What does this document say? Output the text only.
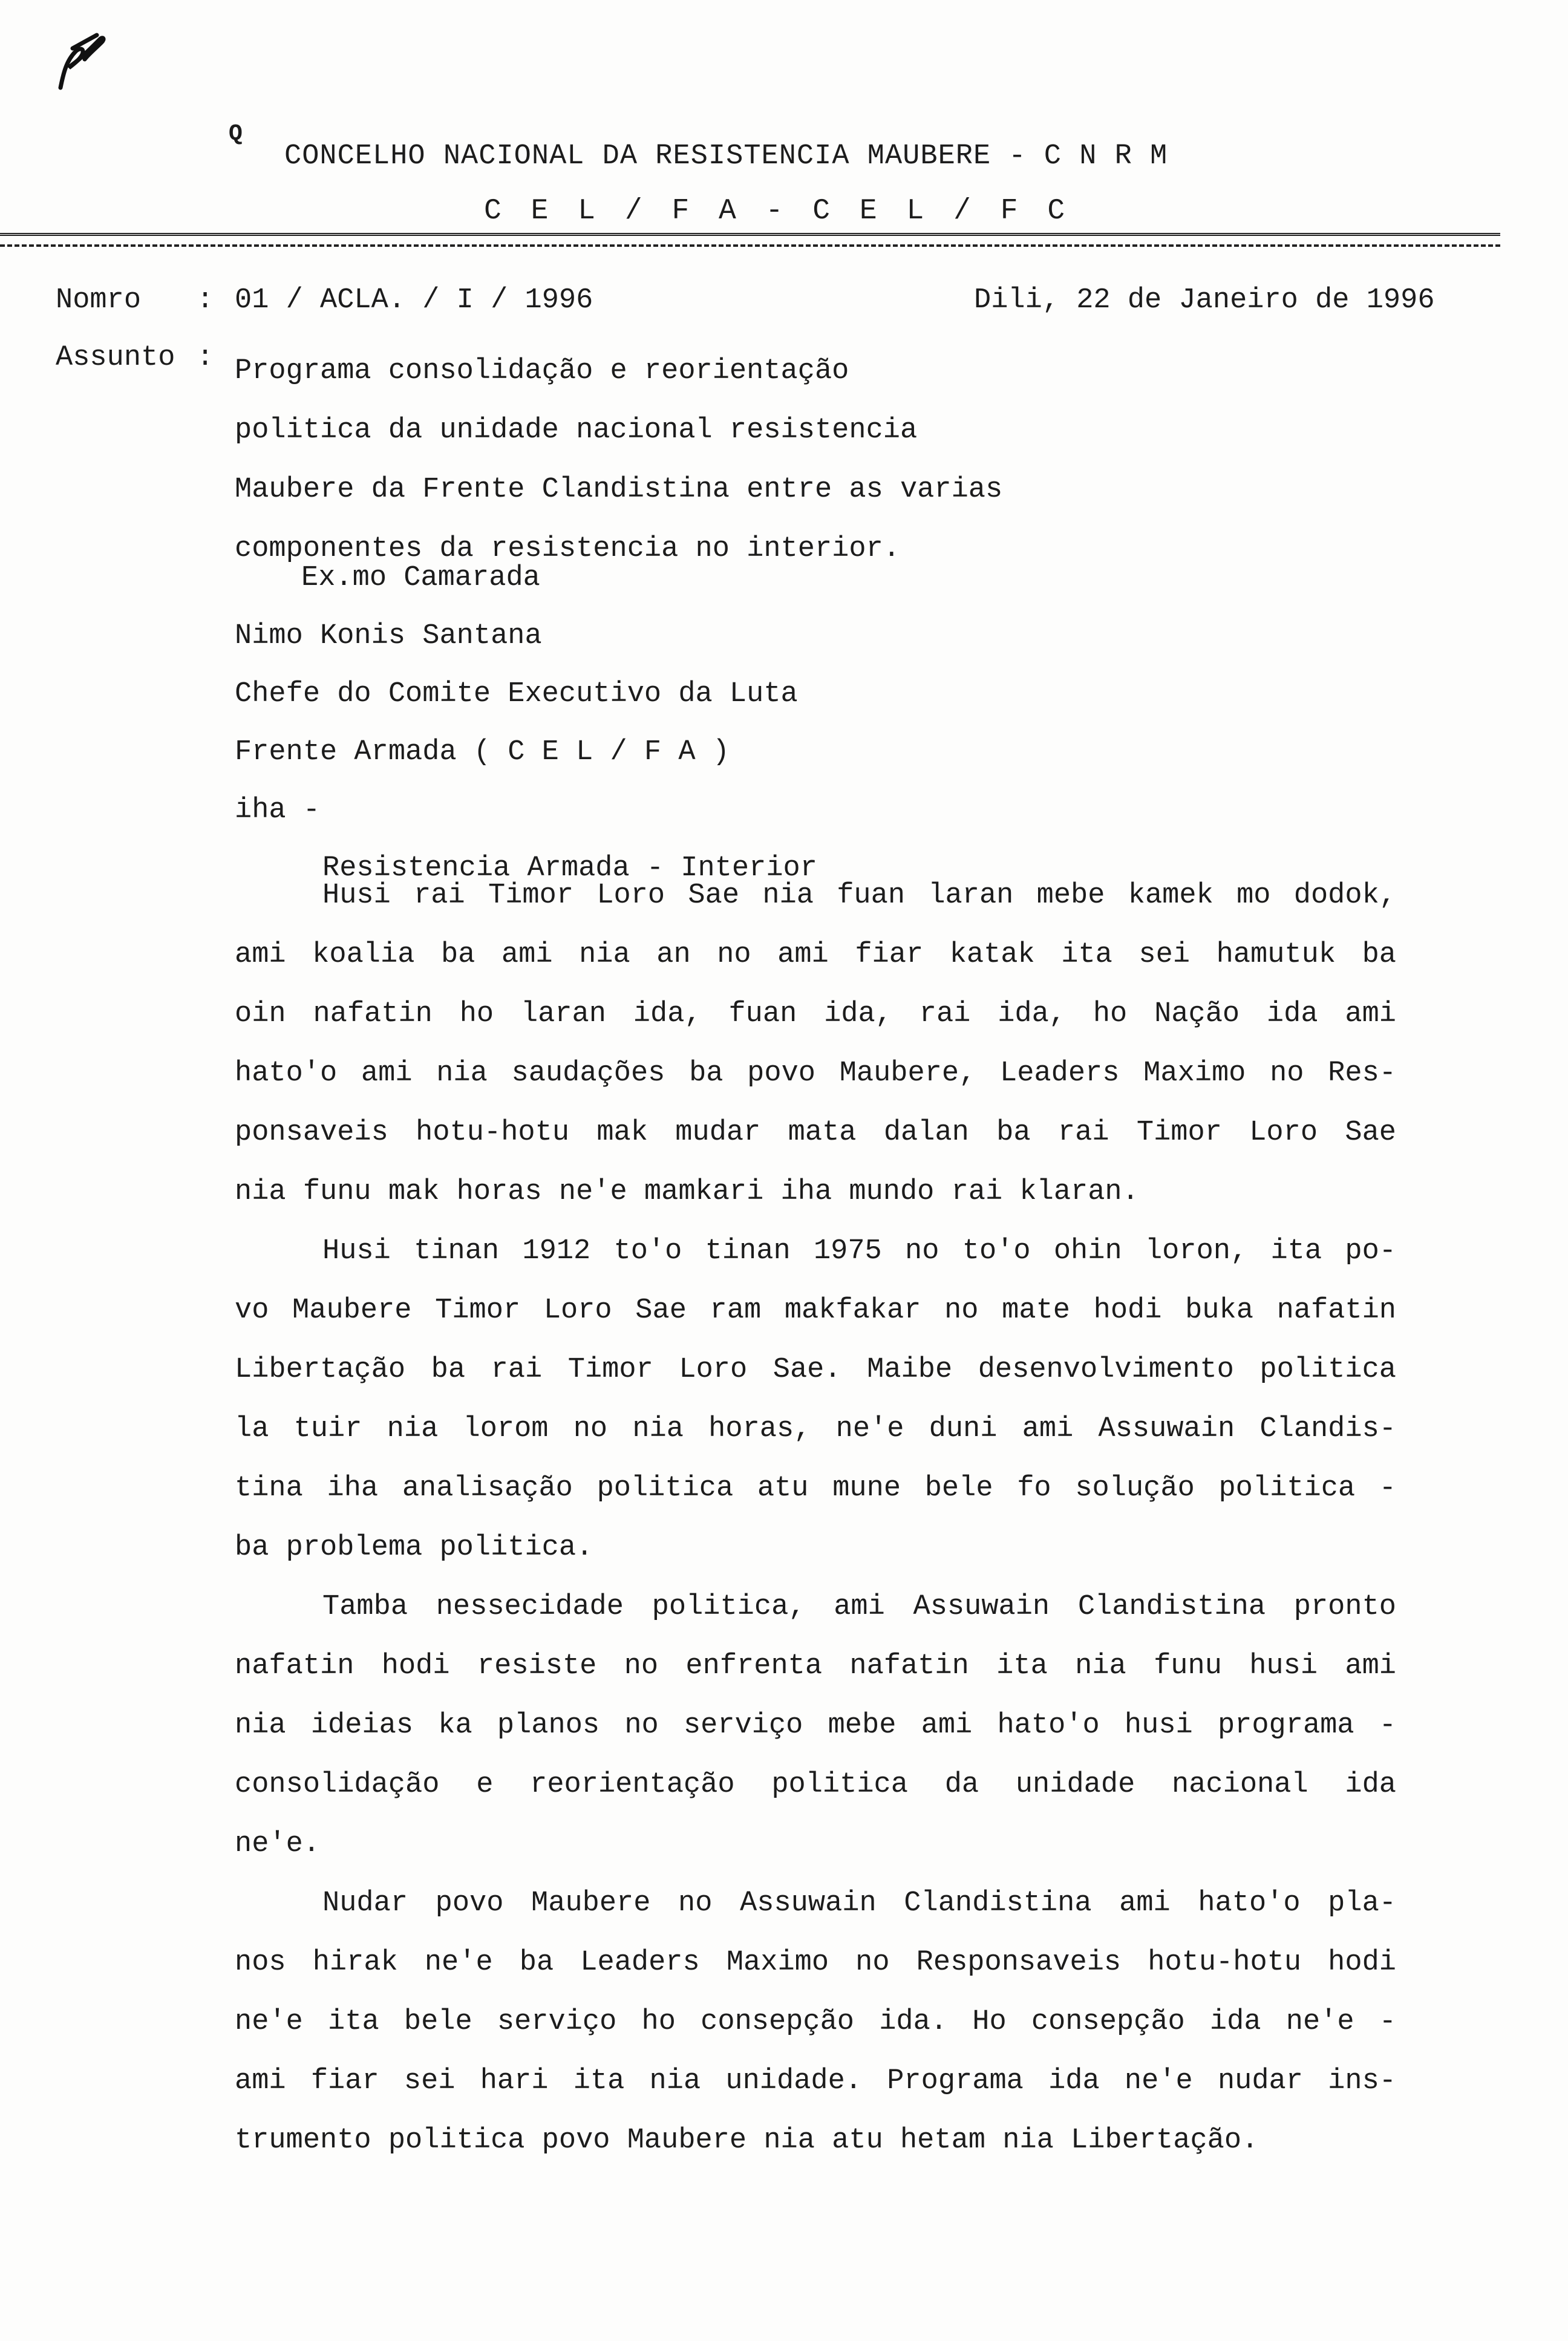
Q
CONCELHO NACIONAL DA RESISTENCIA MAUBERE - C N R M
C E L / F A - C E L / F C
Nomro : 01 / ACLA. / I / 1996	Dili, 22 de Janeiro de 1996
Assunto : Programa consolidação e reorientação
politica da unidade nacional resistencia
Maubere da Frente Clandistina entre as varias
componentes da resistencia no interior.
Ex.mo Camarada
Nimo Konis Santana
Chefe do Comite Executivo da Luta
Frente Armada ( C E L / F A )
iha -
Resistencia Armada - Interior
Husi rai Timor Loro Sae nia fuan laran mebe kamek mo dodok,
ami koalia ba ami nia an no ami fiar katak ita sei hamutuk ba
oin nafatin ho laran ida, fuan ida, rai ida, ho Nação ida ami
hato'o ami nia saudações ba povo Maubere, Leaders Maximo no Res-
ponsaveis hotu-hotu mak mudar mata dalan ba rai Timor Loro Sae
nia funu mak horas ne'e mamkari iha mundo rai klaran.
Husi tinan 1912 to'o tinan 1975 no to'o ohin loron, ita po-
vo Maubere Timor Loro Sae ram makfakar no mate hodi buka nafatin
Libertação ba rai Timor Loro Sae. Maibe desenvolvimento politica
la tuir nia lorom no nia horas, ne'e duni ami Assuwain Clandis-
tina iha analisação politica atu mune bele fo solução politica -
ba problema politica.
Tamba nessecidade politica, ami Assuwain Clandistina pronto
nafatin hodi resiste no enfrenta nafatin ita nia funu husi ami
nia ideias ka planos no serviço mebe ami hato'o husi programa -
consolidação e reorientação politica da unidade nacional ida
ne'e.
Nudar povo Maubere no Assuwain Clandistina ami hato'o pla-
nos hirak ne'e ba Leaders Maximo no Responsaveis hotu-hotu hodi
ne'e ita bele serviço ho consepção ida. Ho consepção ida ne'e -
ami fiar sei hari ita nia unidade. Programa ida ne'e nudar ins-
trumento politica povo Maubere nia atu hetam nia Libertação.
